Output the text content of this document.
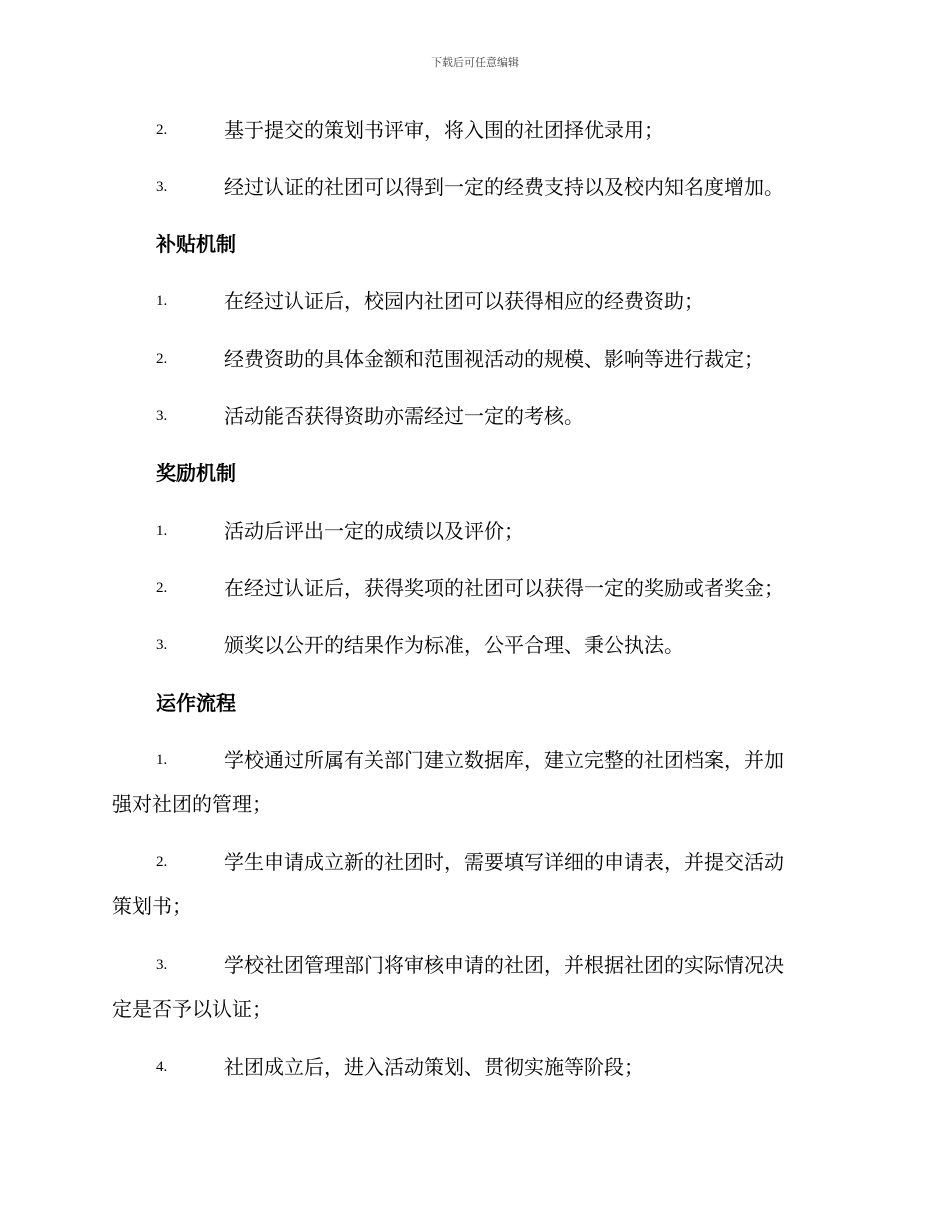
下载后可任意编辑
2.	基于提交的策划书评审，将入围的社团择优录用；
3.	经过认证的社团可以得到一定的经费支持以及校内知名度增加。
补贴机制
1.	在经过认证后，校园内社团可以获得相应的经费资助；
2.	经费资助的具体金额和范围视活动的规模、影响等进行裁定；
3.	活动能否获得资助亦需经过一定的考核。
奖励机制
1.	活动后评出一定的成绩以及评价；
2.	在经过认证后，获得奖项的社团可以获得一定的奖励或者奖金；
3.	颁奖以公开的结果作为标准，公平合理、秉公执法。
运作流程
1.	学校通过所属有关部门建立数据库，建立完整的社团档案，并加
强对社团的管理；
2.	学生申请成立新的社团时，需要填写详细的申请表，并提交活动
策划书；
3.	学校社团管理部门将审核申请的社团，并根据社团的实际情况决
定是否予以认证；
4.	社团成立后，进入活动策划、贯彻实施等阶段；
